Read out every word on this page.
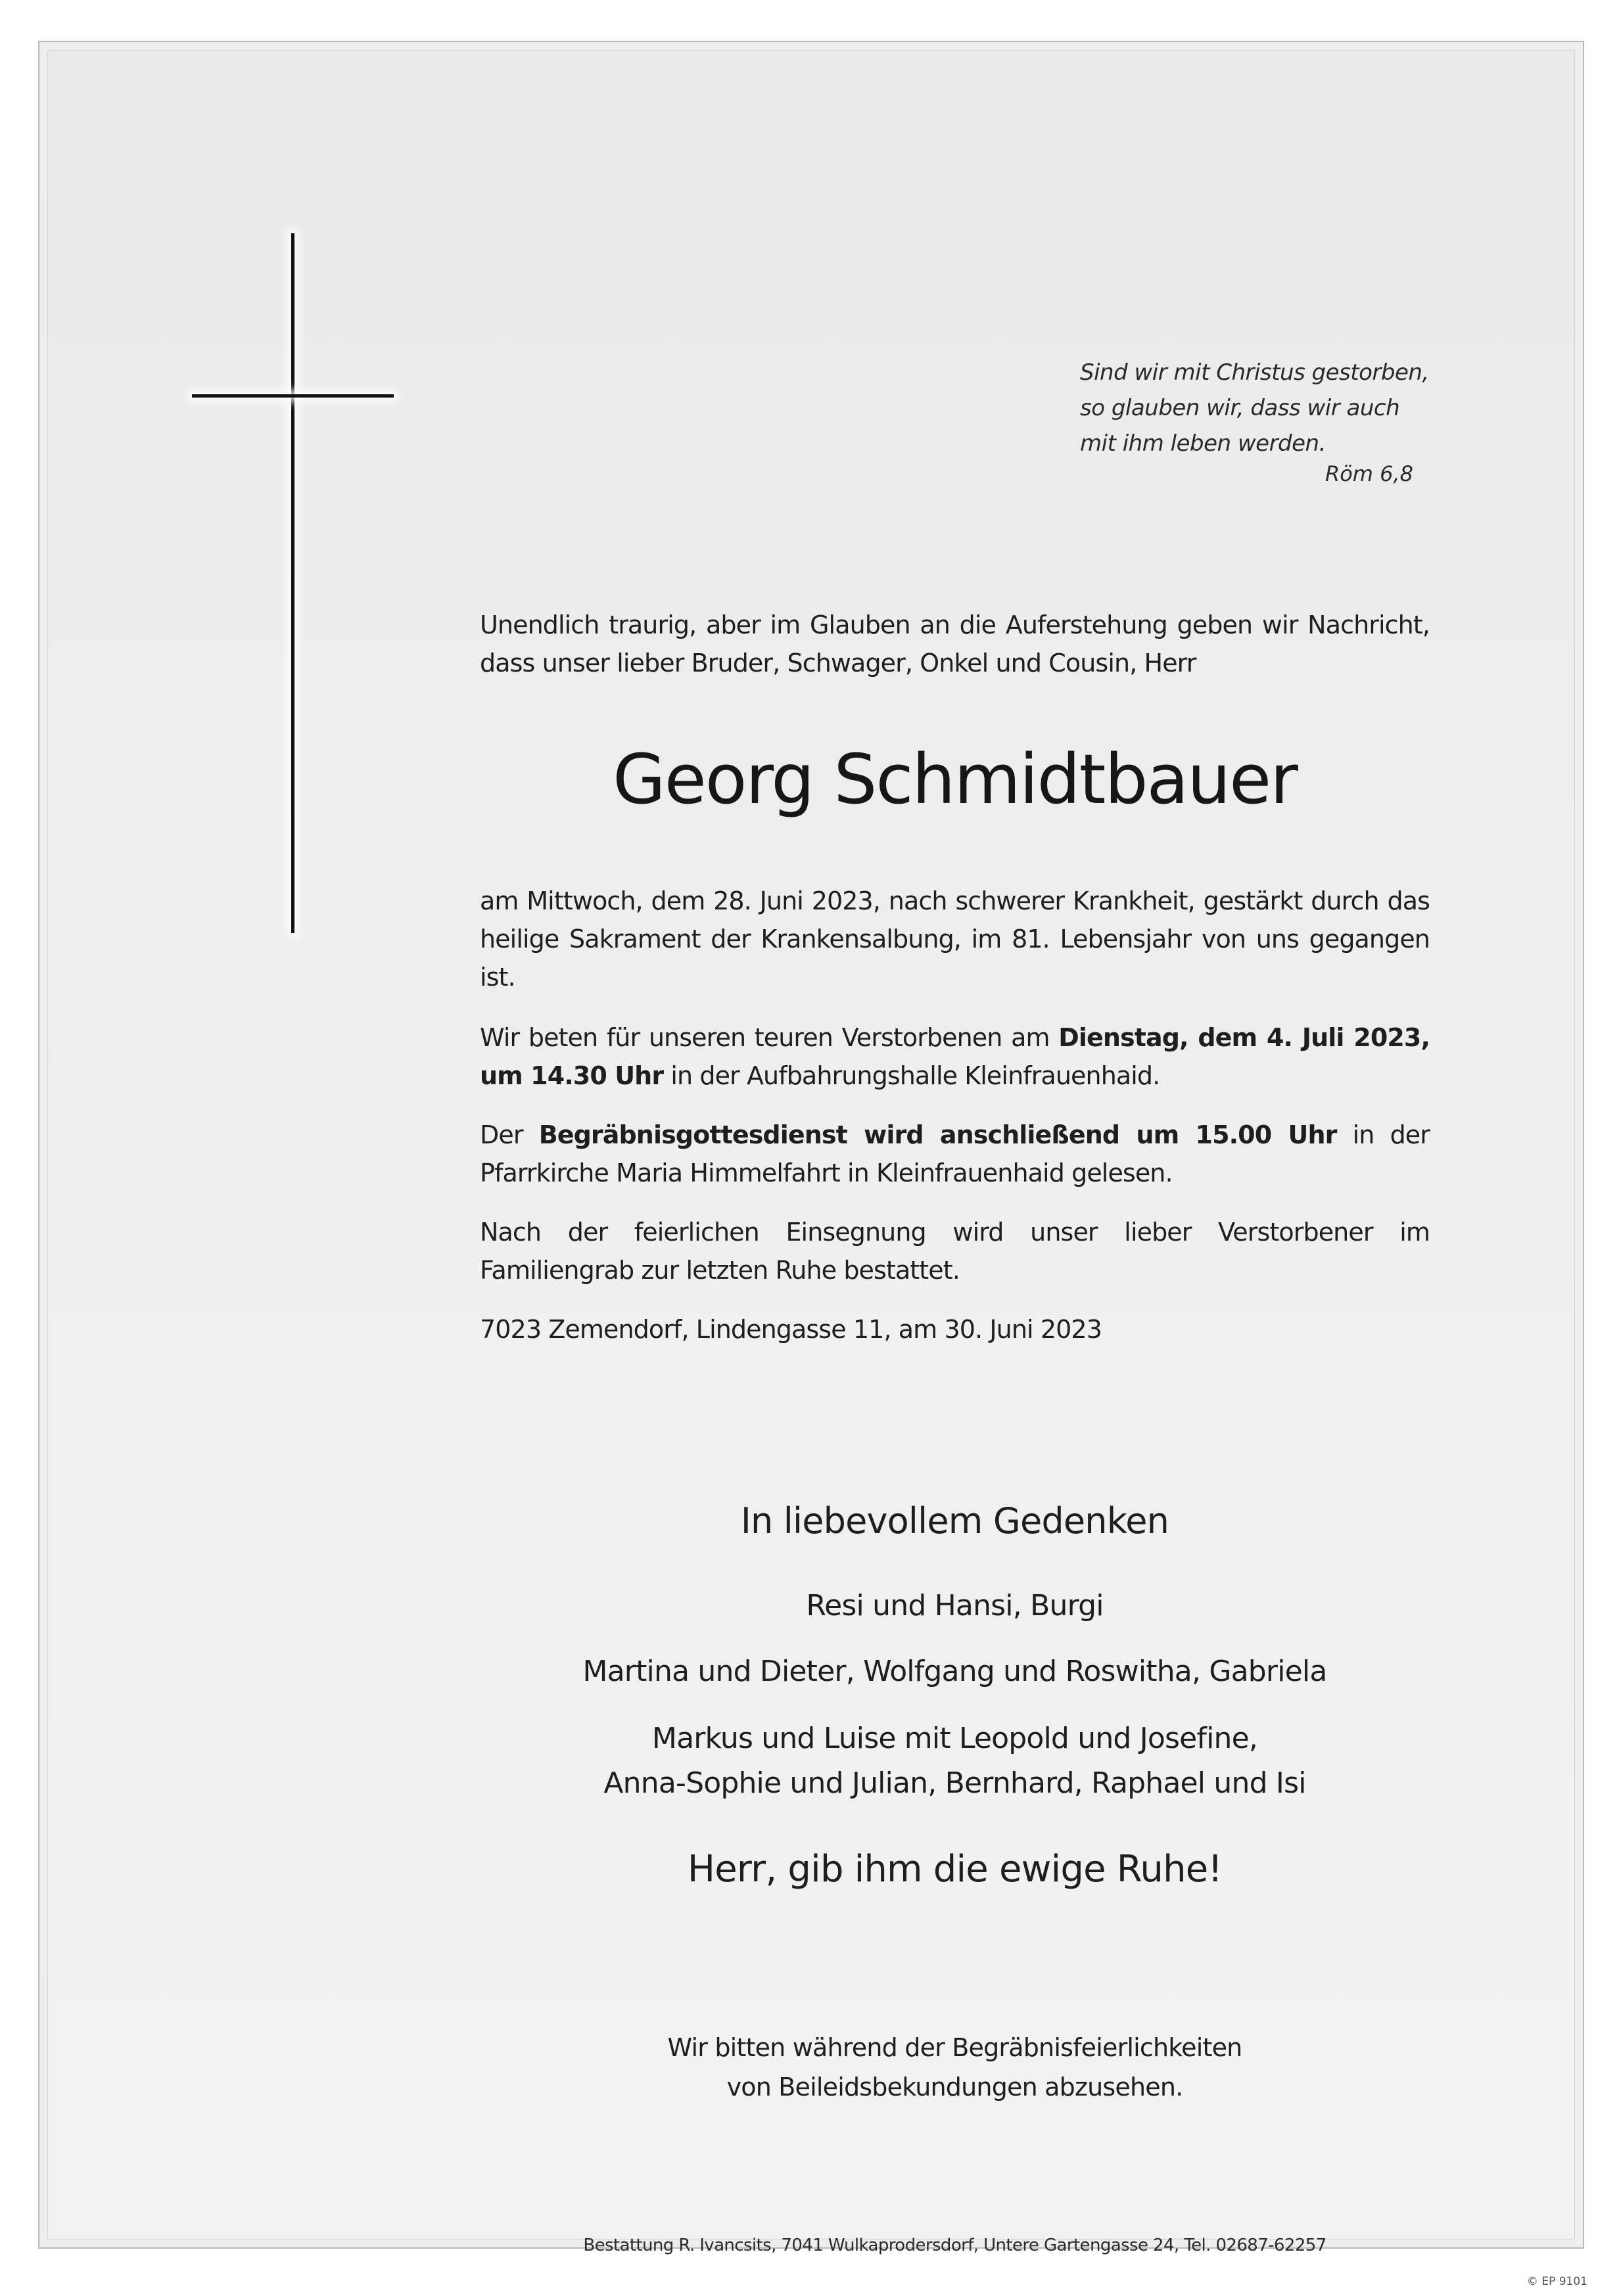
Sind wir mit Christus gestorben,
so glauben wir, dass wir auch
mit ihm leben werden.
Röm 6,8
Unendlich traurig, aber im Glauben an die Auferstehung geben wir Nachricht, dass unser lieber Bruder, Schwager, Onkel und Cousin, Herr
Georg Schmidtbauer
am Mittwoch, dem 28. Juni 2023, nach schwerer Krankheit, gestärkt durch das heilige Sakrament der Krankensalbung, im 81. Lebensjahr von uns gegangen ist.
Wir beten für unseren teuren Verstorbenen am Dienstag, dem 4. Juli 2023, um 14.30 Uhr in der Aufbahrungshalle Kleinfrauenhaid.
Der Begräbnisgottesdienst wird anschließend um 15.00 Uhr in der Pfarrkirche Maria Himmelfahrt in Kleinfrauenhaid gelesen.
Nach der feierlichen Einsegnung wird unser lieber Verstorbener im Familiengrab zur letzten Ruhe bestattet.
7023 Zemendorf, Lindengasse 11, am 30. Juni 2023
In liebevollem Gedenken
Resi und Hansi, Burgi
Martina und Dieter, Wolfgang und Roswitha, Gabriela
Markus und Luise mit Leopold und Josefine,
Anna-Sophie und Julian, Bernhard, Raphael und Isi
Herr, gib ihm die ewige Ruhe!
Wir bitten während der Begräbnisfeierlichkeiten
von Beileidsbekundungen abzusehen.
Bestattung R. Ivancsits, 7041 Wulkaprodersdorf, Untere Gartengasse 24, Tel. 02687-62257
© EP 9101
